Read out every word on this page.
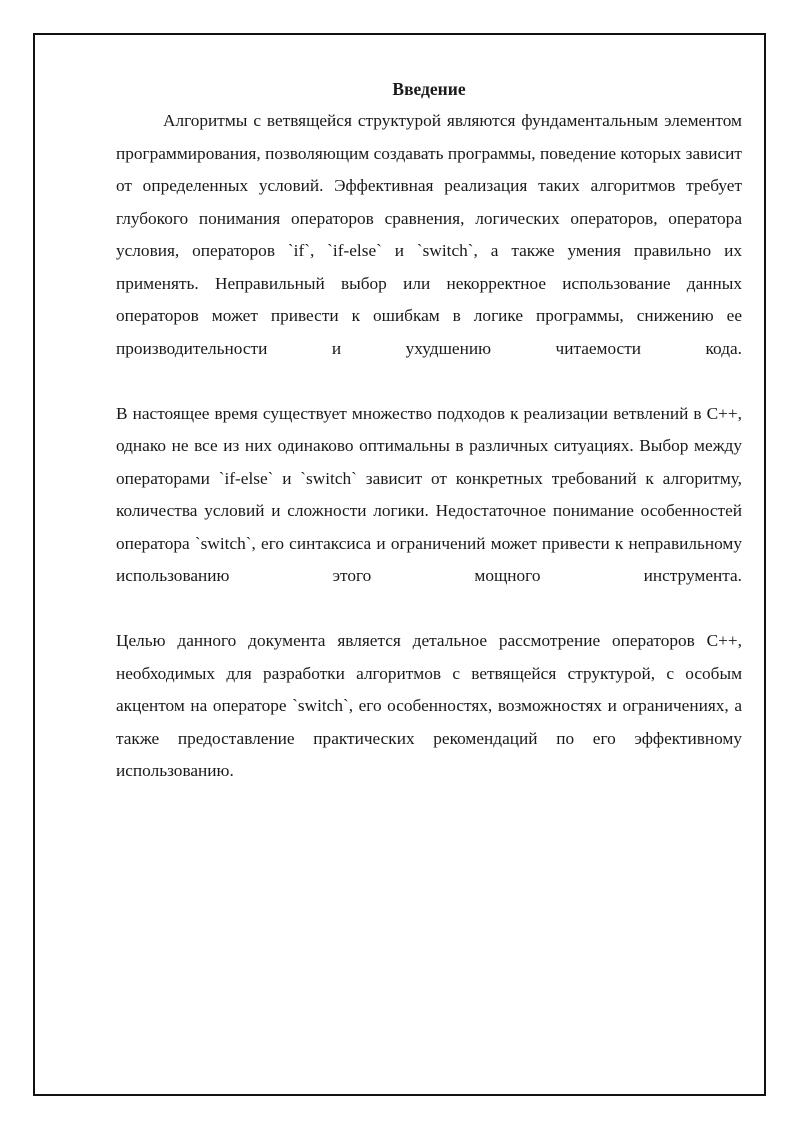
Введение

Алгоритмы с ветвящейся структурой являются фундаментальным элементом программирования, позволяющим создавать программы, поведение которых зависит от определенных условий. Эффективная реализация таких алгоритмов требует глубокого понимания операторов сравнения, логических операторов, оператора условия, операторов `if`, `if-else` и `switch`, а также умения правильно их применять. Неправильный выбор или некорректное использование данных операторов может привести к ошибкам в логике программы, снижению ее производительности и ухудшению читаемости кода.

В настоящее время существует множество подходов к реализации ветвлений в C++, однако не все из них одинаково оптимальны в различных ситуациях. Выбор между операторами `if-else` и `switch` зависит от конкретных требований к алгоритму, количества условий и сложности логики. Недостаточное понимание особенностей оператора `switch`, его синтаксиса и ограничений может привести к неправильному использованию этого мощного инструмента.

Целью данного документа является детальное рассмотрение операторов C++, необходимых для разработки алгоритмов с ветвящейся структурой, с особым акцентом на операторе `switch`, его особенностях, возможностях и ограничениях, а также предоставление практических рекомендаций по его эффективному использованию.
